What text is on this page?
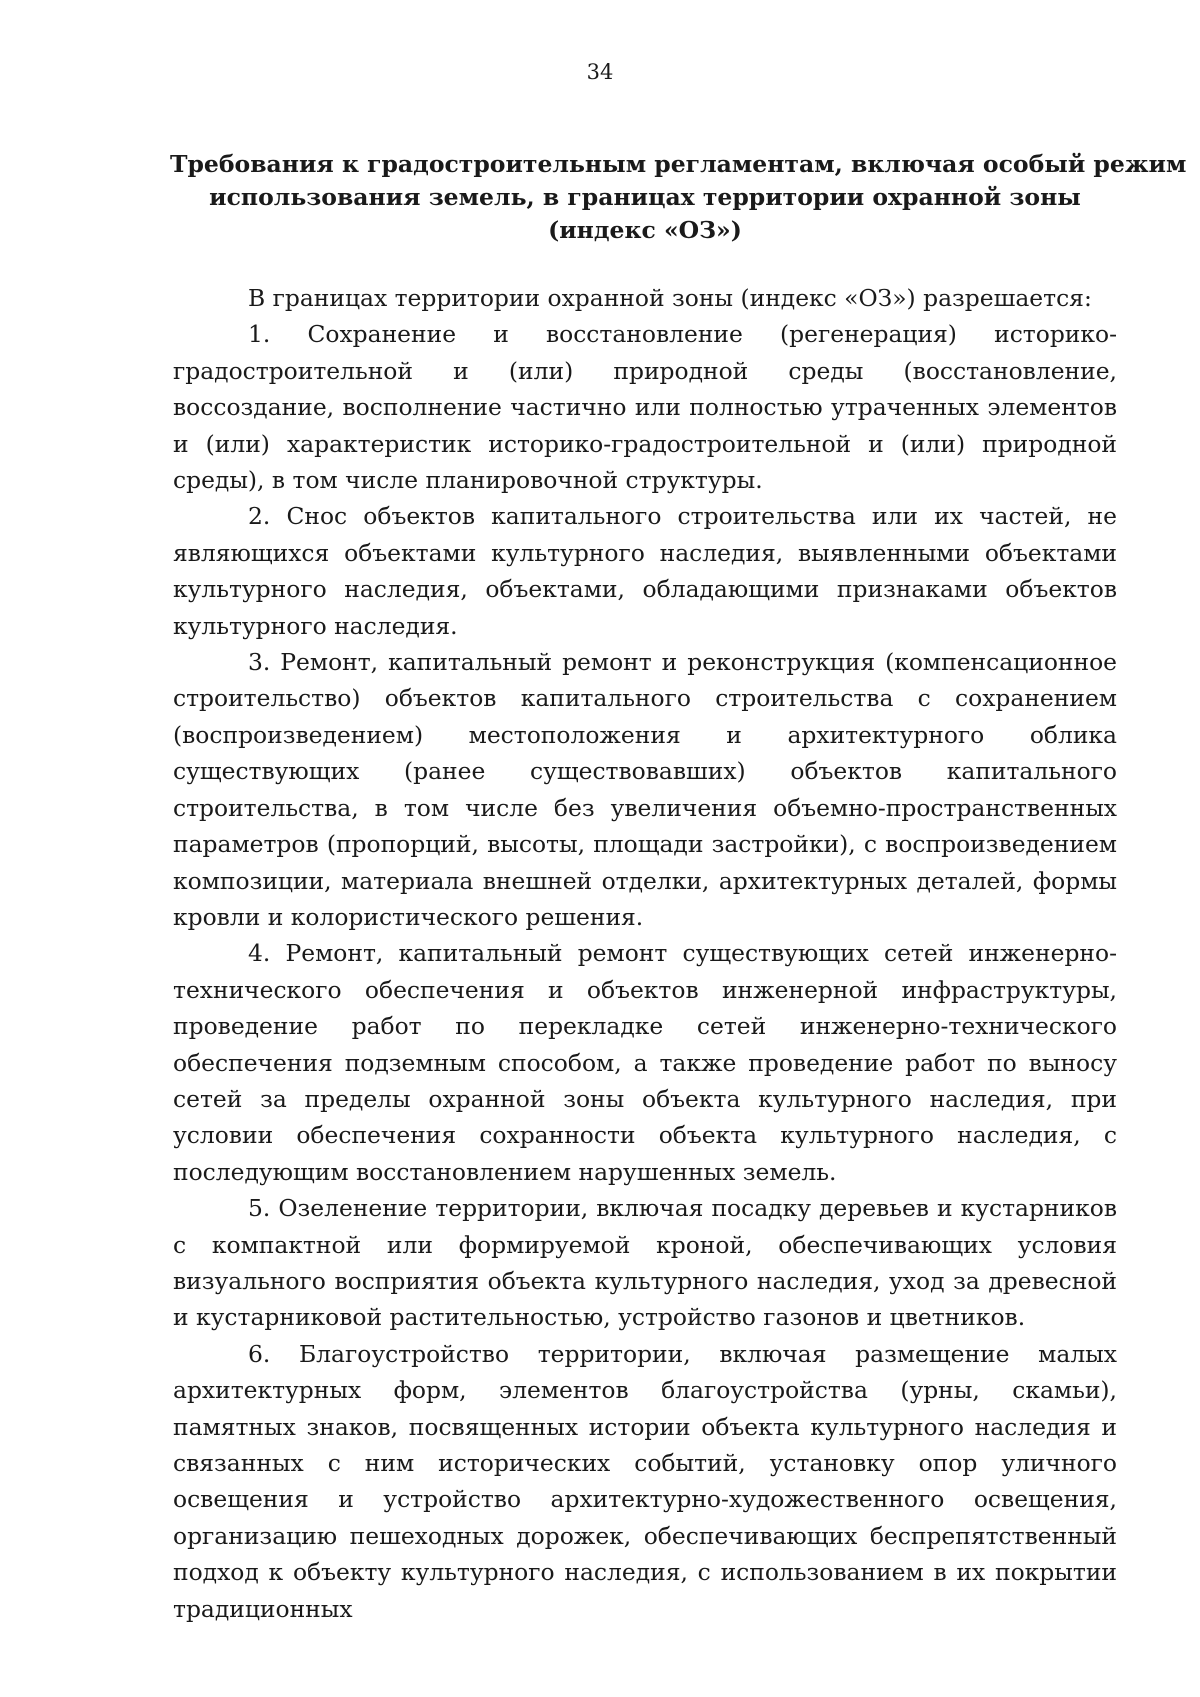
34
Требования к градостроительным регламентам, включая особый режим
использования земель, в границах территории охранной зоны
(индекс «ОЗ»)

В границах территории охранной зоны (индекс «ОЗ») разрешается:

1. Сохранение и восстановление (регенерация) историко-градостроительной и (или) природной среды (восстановление, воссоздание, восполнение частично или полностью утраченных элементов и (или) характеристик историко-градостроительной и (или) природной среды), в том числе планировочной структуры.

2. Снос объектов капитального строительства или их частей, не являющихся объектами культурного наследия, выявленными объектами культурного наследия, объектами, обладающими признаками объектов культурного наследия.

3. Ремонт, капитальный ремонт и реконструкция (компенсационное строительство) объектов капитального строительства с сохранением (воспроизведением) местоположения и архитектурного облика существующих (ранее существовавших) объектов капитального строительства, в том числе без увеличения объемно-пространственных параметров (пропорций, высоты, площади застройки), с воспроизведением композиции, материала внешней отделки, архитектурных деталей, формы кровли и колористического решения.

4. Ремонт, капитальный ремонт существующих сетей инженерно-технического обеспечения и объектов инженерной инфраструктуры, проведение работ по перекладке сетей инженерно-технического обеспечения подземным способом, а также проведение работ по выносу сетей за пределы охранной зоны объекта культурного наследия, при условии обеспечения сохранности объекта культурного наследия, с последующим восстановлением нарушенных земель.

5. Озеленение территории, включая посадку деревьев и кустарников с компактной или формируемой кроной, обеспечивающих условия визуального восприятия объекта культурного наследия, уход за древесной и кустарниковой растительностью, устройство газонов и цветников.

6. Благоустройство территории, включая размещение малых архитектурных форм, элементов благоустройства (урны, скамьи), памятных знаков, посвященных истории объекта культурного наследия и связанных с ним исторических событий, установку опор уличного освещения и устройство архитектурно-художественного освещения, организацию пешеходных дорожек, обеспечивающих беспрепятственный подход к объекту культурного наследия, с использованием в их покрытии традиционных
